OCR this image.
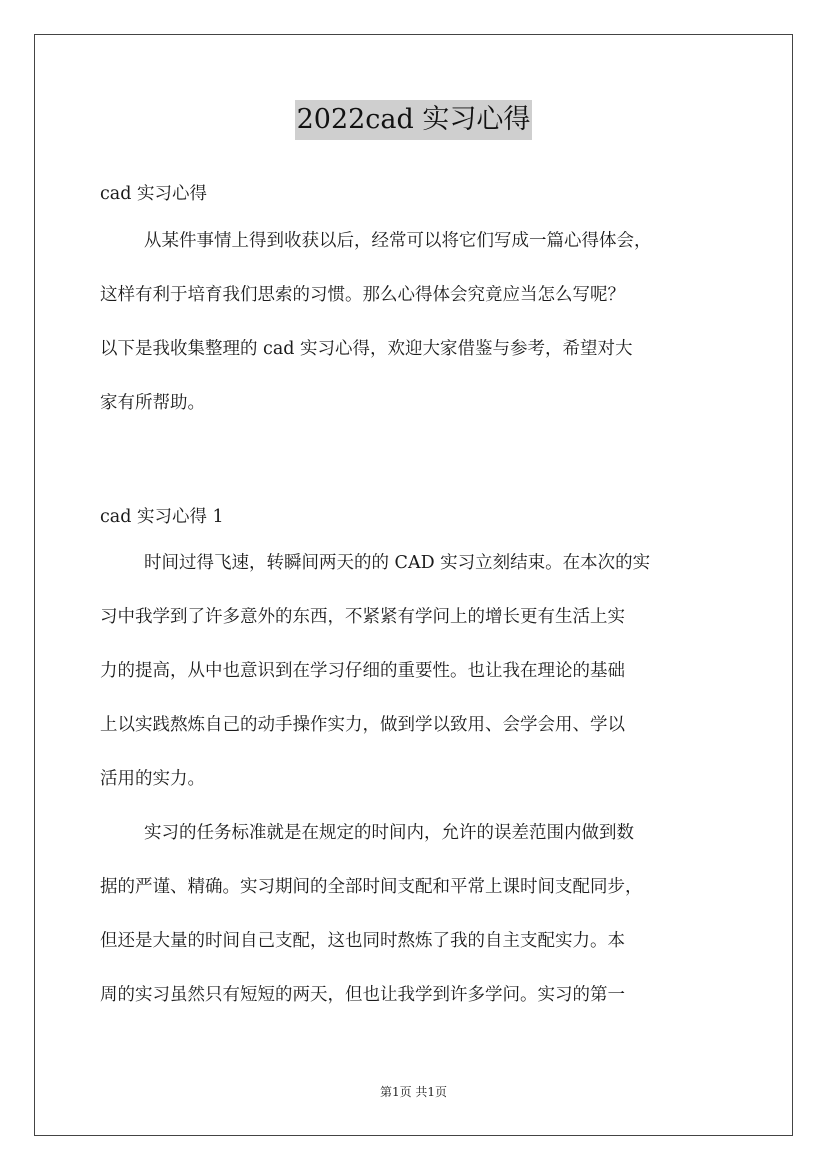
2022cad 实习心得

cad 实习心得

从某件事情上得到收获以后，经常可以将它们写成一篇心得体会，

这样有利于培育我们思索的习惯。那么心得体会究竟应当怎么写呢？

以下是我收集整理的 cad 实习心得，欢迎大家借鉴与参考，希望对大

家有所帮助。

cad 实习心得 1

时间过得飞速，转瞬间两天的的 CAD 实习立刻结束。在本次的实

习中我学到了许多意外的东西，不紧紧有学问上的增长更有生活上实

力的提高，从中也意识到在学习仔细的重要性。也让我在理论的基础

上以实践熬炼自己的动手操作实力，做到学以致用、会学会用、学以

活用的实力。

实习的任务标准就是在规定的时间内，允许的误差范围内做到数

据的严谨、精确。实习期间的全部时间支配和平常上课时间支配同步，

但还是大量的时间自己支配，这也同时熬炼了我的自主支配实力。本

周的实习虽然只有短短的两天，但也让我学到许多学问。实习的第一

第1页 共1页
